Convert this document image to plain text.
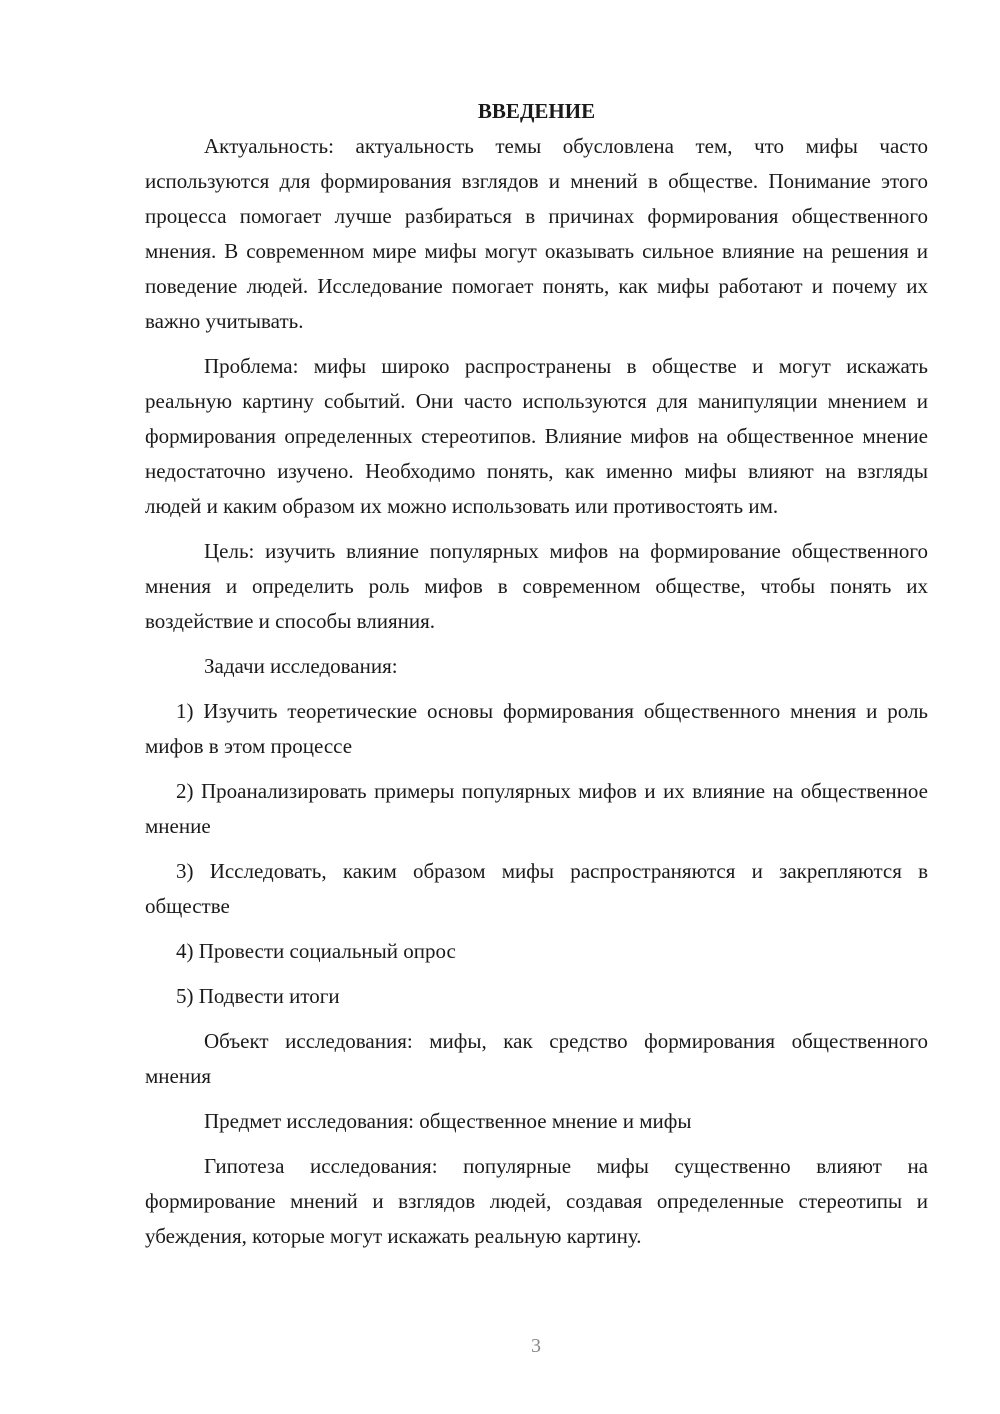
ВВЕДЕНИЕ

Актуальность: актуальность темы обусловлена тем, что мифы часто используются для формирования взглядов и мнений в обществе. Понимание этого процесса помогает лучше разбираться в причинах формирования общественного мнения. В современном мире мифы могут оказывать сильное влияние на решения и поведение людей. Исследование помогает понять, как мифы работают и почему их важно учитывать.

Проблема: мифы широко распространены в обществе и могут искажать реальную картину событий. Они часто используются для манипуляции мнением и формирования определенных стереотипов. Влияние мифов на общественное мнение недостаточно изучено. Необходимо понять, как именно мифы влияют на взгляды людей и каким образом их можно использовать или противостоять им.

Цель: изучить влияние популярных мифов на формирование общественного мнения и определить роль мифов в современном обществе, чтобы понять их воздействие и способы влияния.

Задачи исследования:

1) Изучить теоретические основы формирования общественного мнения и роль мифов в этом процессе

2) Проанализировать примеры популярных мифов и их влияние на общественное мнение

3) Исследовать, каким образом мифы распространяются и закрепляются в обществе

4) Провести социальный опрос

5) Подвести итоги

Объект исследования: мифы, как средство формирования общественного мнения

Предмет исследования: общественное мнение и мифы

Гипотеза исследования: популярные мифы существенно влияют на формирование мнений и взглядов людей, создавая определенные стереотипы и убеждения, которые могут искажать реальную картину.

3
